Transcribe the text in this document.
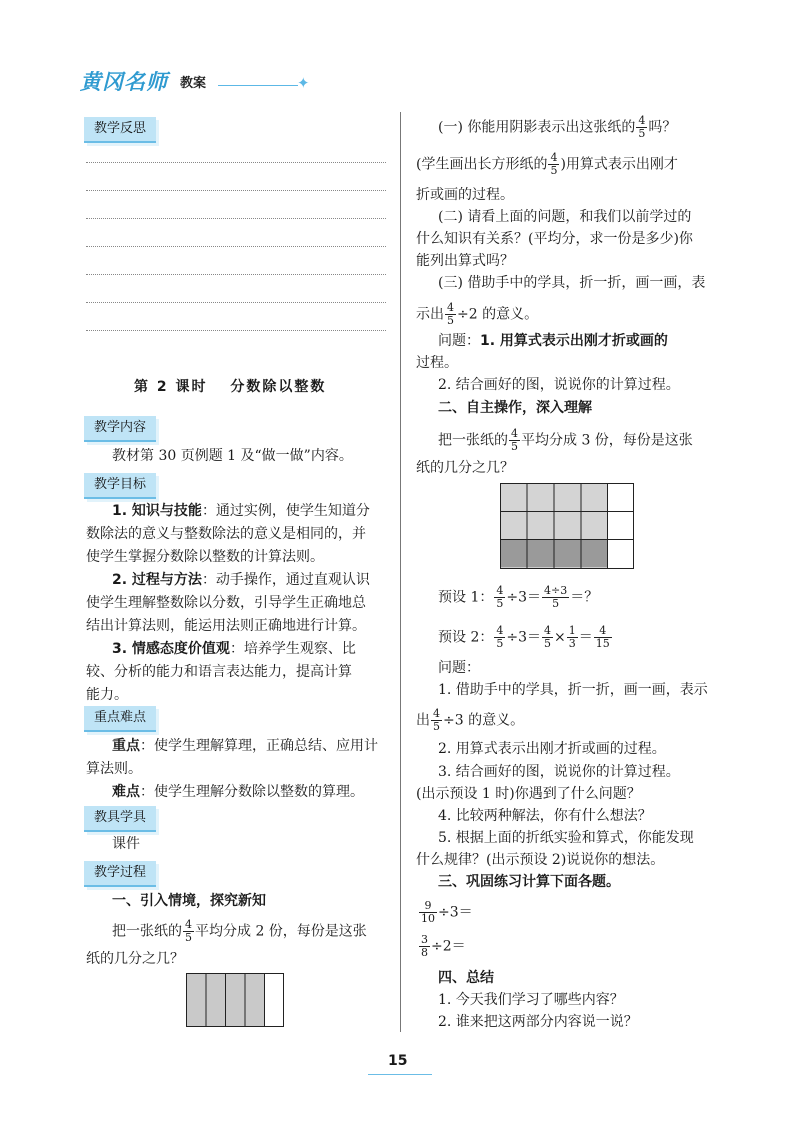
黄冈名师 教案	✦
教学反思
第 2 课时　 分数除以整数
教学内容
教材第 30 页例题 1 及“做一做”内容。
教学目标
1. 知识与技能：通过实例，使学生知道分
数除法的意义与整数除法的意义是相同的，并
使学生掌握分数除以整数的计算法则。
2. 过程与方法：动手操作，通过直观认识
使学生理解整数除以分数，引导学生正确地总
结出计算法则，能运用法则正确地进行计算。
3. 情感态度价值观：培养学生观察、比
较、分析的能力和语言表达能力，提高计算
能力。
重点难点
重点：使学生理解算理，正确总结、应用计
算法则。
难点：使学生理解分数除以整数的算理。
教具学具
课件
教学过程
一、引入情境，探究新知
把一张纸的 $\frac{4}{5}$ 平均分成 2 份，每份是这张
纸的几分之几？
(一) 你能用阴影表示出这张纸的 $\frac{4}{5}$ 吗？
(学生画出长方形纸的 $\frac{4}{5}$ )用算式表示出刚才
折或画的过程。
(二) 请看上面的问题，和我们以前学过的
什么知识有关系？(平均分，求一份是多少)你
能列出算式吗？
(三) 借助手中的学具，折一折，画一画，表
示出 $\frac{4}{5} \div 2$ 的意义。
问题：1. 用算式表示出刚才折或画的
过程。
2. 结合画好的图，说说你的计算过程。
二、自主操作，深入理解
把一张纸的 $\frac{4}{5}$ 平均分成 3 份，每份是这张
纸的几分之几？
预设 1： $\frac{4}{5} \div 3= \frac{4\div 3}{5}$ ＝？
预设 2： $\frac{4}{5} \div 3= \frac{4}{5} \times \frac{1}{3} = \frac{4}{15}$
问题：
1. 借助手中的学具，折一折，画一画，表示
出 $\frac{4}{5} \div 3$ 的意义。
2. 用算式表示出刚才折或画的过程。
3. 结合画好的图，说说你的计算过程。
(出示预设 1 时)你遇到了什么问题？
4. 比较两种解法，你有什么想法？
5. 根据上面的折纸实验和算式，你能发现
什么规律？(出示预设 2)说说你的想法。
三、巩固练习计算下面各题。
$\frac{9}{10} \div 3=$
$\frac{3}{8} \div 2=$
四、总结
1. 今天我们学习了哪些内容？
2. 谁来把这两部分内容说一说？
15
